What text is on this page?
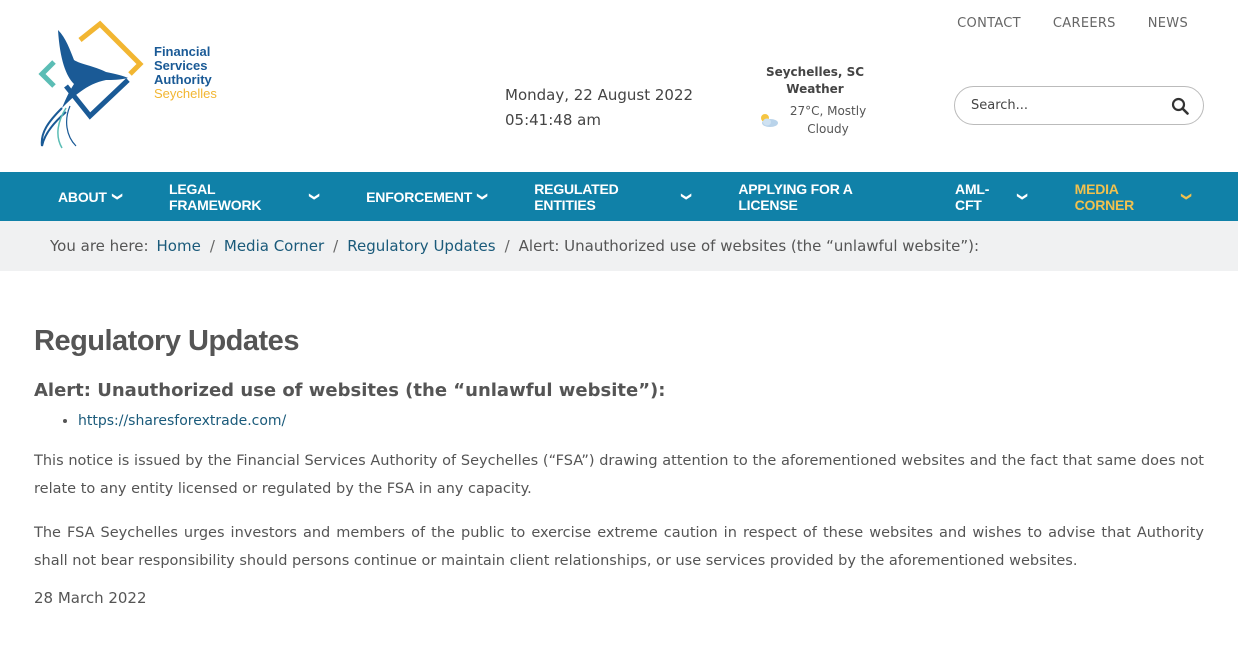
Financial
Services
Authority
Seychelles
CONTACT CAREERS NEWS
Monday, 22 August 2022
05:41:48 am
Seychelles, SC Weather
27°C, Mostly Cloudy
Search...
ABOUT ❯	LEGAL FRAMEWORK	❯	ENFORCEMENT ❯	REGULATED ENTITIES	❯	APPLYING FOR A LICENSE
AML-CFT	❯	MEDIA CORNER	❯
You are here: Home / Media Corner / Regulatory Updates / Alert: Unauthorized use of websites (the “unlawful website”):
Regulatory Updates
Alert: Unauthorized use of websites (the “unlawful website”):
• https://sharesforextrade.com/

This notice is issued by the Financial Services Authority of Seychelles (“FSA”) drawing attention to the aforementioned websites and the fact that same does not relate to any entity licensed or regulated by the FSA in any capacity.

The FSA Seychelles urges investors and members of the public to exercise extreme caution in respect of these websites and wishes to advise that Authority shall not bear responsibility should persons continue or maintain client relationships, or use services provided by the aforementioned websites.

28 March 2022
